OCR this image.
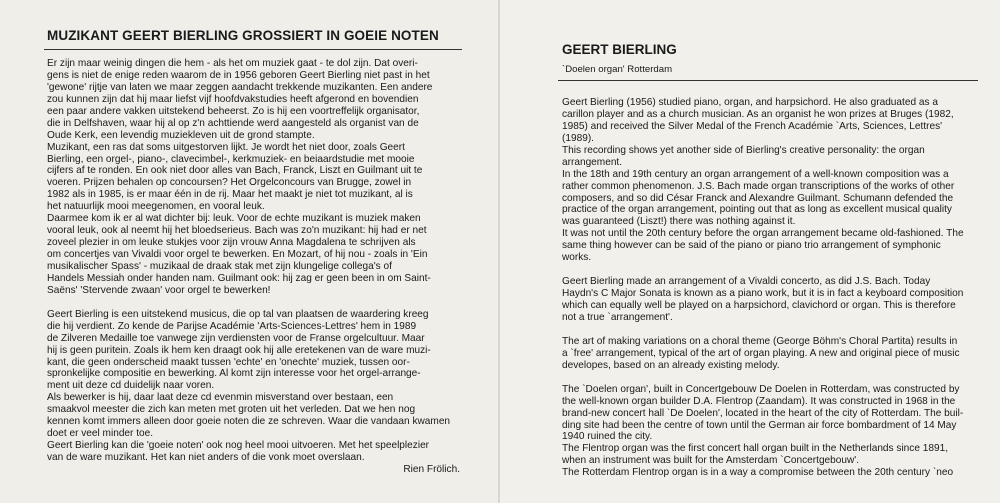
MUZIKANT GEERT BIERLING GROSSIERT IN GOEIE NOTEN
Er zijn maar weinig dingen die hem - als het om muziek gaat - te dol zijn. Dat overi-
gens is niet de enige reden waarom de in 1956 geboren Geert Bierling niet past in het
'gewone' rijtje van laten we maar zeggen aandacht trekkende muzikanten. Een andere
zou kunnen zijn dat hij maar liefst vijf hoofdvakstudies heeft afgerond en bovendien
een paar andere vakken uitstekend beheerst. Zo is hij een voortreffelijk organisator,
die in Delfshaven, waar hij al op z'n achttiende werd aangesteld als organist van de
Oude Kerk, een levendig muziekleven uit de grond stampte.
Muzikant, een ras dat soms uitgestorven lijkt. Je wordt het niet door, zoals Geert
Bierling, een orgel-, piano-, clavecimbel-, kerkmuziek- en beiaardstudie met mooie
cijfers af te ronden. En ook niet door alles van Bach, Franck, Liszt en Guilmant uit te
voeren. Prijzen behalen op concoursen? Het Orgelconcours van Brugge, zowel in
1982 als in 1985, is er maar één in de rij. Maar het maakt je niet tot muzikant, al is
het natuurlijk mooi meegenomen, en vooral leuk.
Daarmee kom ik er al wat dichter bij: leuk. Voor de echte muzikant is muziek maken
vooral leuk, ook al neemt hij het bloedserieus. Bach was zo'n muzikant: hij had er net
zoveel plezier in om leuke stukjes voor zijn vrouw Anna Magdalena te schrijven als
om concertjes van Vivaldi voor orgel te bewerken. En Mozart, of hij nou - zoals in 'Ein
musikalischer Spass' - muzikaal de draak stak met zijn klungelige collega's of
Handels Messiah onder handen nam. Guilmant ook: hij zag er geen been in om Saint-
Saëns' 'Stervende zwaan' voor orgel te bewerken!
Geert Bierling is een uitstekend musicus, die op tal van plaatsen de waardering kreeg
die hij verdient. Zo kende de Parijse Académie 'Arts-Sciences-Lettres' hem in 1989
de Zilveren Medaille toe vanwege zijn verdiensten voor de Franse orgelcultuur. Maar
hij is geen puritein. Zoals ik hem ken draagt ook hij alle eretekenen van de ware muzi-
kant, die geen onderscheid maakt tussen 'echte' en 'onechte' muziek, tussen oor-
spronkelijke compositie en bewerking. Al komt zijn interesse voor het orgel-arrange-
ment uit deze cd duidelijk naar voren.
Als bewerker is hij, daar laat deze cd evenmin misverstand over bestaan, een
smaakvol meester die zich kan meten met groten uit het verleden. Dat we hen nog
kennen komt immers alleen door goeie noten die ze schreven. Waar die vandaan kwamen
doet er veel minder toe.
Geert Bierling kan die 'goeie noten' ook nog heel mooi uitvoeren. Met het speelplezier
van de ware muzikant. Het kan niet anders of die vonk moet overslaan.
Rien Frölich.
GEERT BIERLING
`Doelen organ' Rotterdam
Geert Bierling (1956) studied piano, organ, and harpsichord. He also graduated as a
carillon player and as a church musician. As an organist he won prizes at Bruges (1982,
1985) and received the Silver Medal of the French Académie `Arts, Sciences, Lettres'
(1989).
This recording shows yet another side of Bierling's creative personality: the organ
arrangement.
In the 18th and 19th century an organ arrangement of a well-known composition was a
rather common phenomenon. J.S. Bach made organ transcriptions of the works of other
composers, and so did César Franck and Alexandre Guilmant. Schumann defended the
practice of the organ arrangement, pointing out that as long as excellent musical quality
was guaranteed (Liszt!) there was nothing against it.
It was not until the 20th century before the organ arrangement became old-fashioned. The
same thing however can be said of the piano or piano trio arrangement of symphonic
works.
Geert Bierling made an arrangement of a Vivaldi concerto, as did J.S. Bach. Today
Haydn's C Major Sonata is known as a piano work, but it is in fact a keyboard composition
which can equally well be played on a harpsichord, clavichord or organ. This is therefore
not a true `arrangement'.
The art of making variations on a choral theme (George Böhm's Choral Partita) results in
a `free' arrangement, typical of the art of organ playing. A new and original piece of music
developes, based on an already existing melody.
The `Doelen organ', built in Concertgebouw De Doelen in Rotterdam, was constructed by
the well-known organ builder D.A. Flentrop (Zaandam). It was constructed in 1968 in the
brand-new concert hall `De Doelen', located in the heart of the city of Rotterdam. The buil-
ding site had been the centre of town until the German air force bombardment of 14 May
1940 ruined the city.
The Flentrop organ was the first concert hall organ built in the Netherlands since 1891,
when an instrument was built for the Amsterdam `Concertgebouw'.
The Rotterdam Flentrop organ is in a way a compromise between the 20th century `neo
